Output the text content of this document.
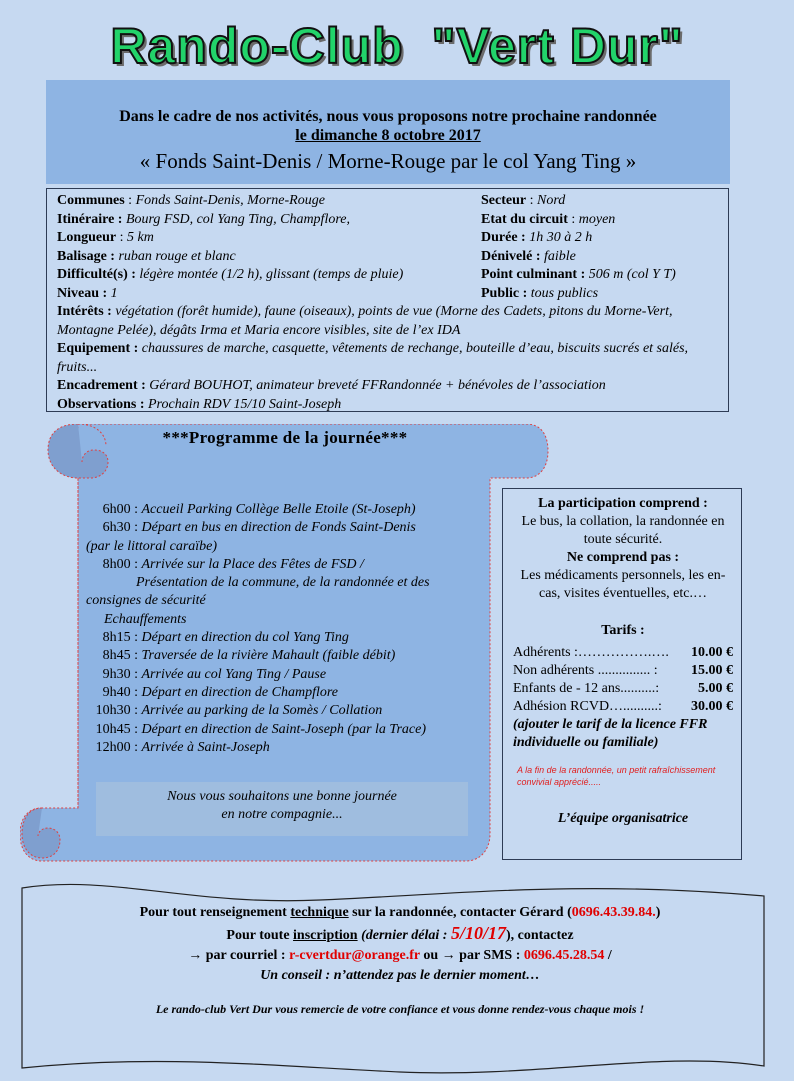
Rando-Club "Vert Dur"
Dans le cadre de nos activités, nous vous proposons notre prochaine randonnée
le dimanche 8 octobre 2017
« Fonds Saint-Denis / Morne-Rouge par le col Yang Ting »
Communes : Fonds Saint-Denis, Morne-Rouge	Secteur : Nord
Itinéraire : Bourg FSD, col Yang Ting, Champflore,	Etat du circuit : moyen
Longueur : 5 km	Durée : 1h 30 à 2 h
Balisage : ruban rouge et blanc	Dénivelé : faible
Difficulté(s) : légère montée (1/2 h), glissant (temps de pluie)	Point culminant : 506 m (col Y T)
Niveau : 1	Public : tous publics
Intérêts : végétation (forêt humide), faune (oiseaux), points de vue (Morne des Cadets, pitons du Morne-Vert, Montagne Pelée), dégâts Irma et Maria encore visibles, site de l’ex IDA
Equipement : chaussures de marche, casquette, vêtements de rechange, bouteille d’eau, biscuits sucrés et salés, fruits...
Encadrement : Gérard BOUHOT, animateur breveté FFRandonnée + bénévoles de l’association
Observations : Prochain RDV 15/10 Saint-Joseph
***Programme de la journée***
6h00 : Accueil Parking Collège Belle Etoile (St-Joseph)
6h30 : Départ en bus en direction de Fonds Saint-Denis
(par le littoral caraïbe)
8h00 : Arrivée sur la Place des Fêtes de FSD /
Présentation de la commune, de la randonnée et des
consignes de sécurité
Echauffements
8h15 : Départ en direction du col Yang Ting
8h45 : Traversée de la rivière Mahault (faible débit)
9h30 : Arrivée au col Yang Ting / Pause
9h40 : Départ en direction de Champflore
10h30 : Arrivée au parking de la Somès / Collation
10h45 : Départ en direction de Saint-Joseph (par la Trace)
12h00 : Arrivée à Saint-Joseph
Nous vous souhaitons une bonne journée
en notre compagnie...
La participation comprend :
Le bus, la collation, la randonnée en toute sécurité.
Ne comprend pas :
Les médicaments personnels, les en-cas, visites éventuelles, etc.…
Tarifs :
Adhérents :…………….…. 10.00 €
Non adhérents ............... : 15.00 €
Enfants de - 12 ans..........:	5.00 €
Adhésion RCVD…..........: 30.00 €
(ajouter le tarif de la licence FFR individuelle ou familiale)
A la fin de la randonnée, un petit rafraîchissement convivial apprécié.....
L’équipe organisatrice
Pour tout renseignement technique sur la randonnée, contacter Gérard (0696.43.39.84.)
Pour toute inscription (dernier délai : 5/10/17), contactez
→ par courriel : r-cvertdur@orange.fr ou → par SMS : 0696.45.28.54 /
Un conseil : n’attendez pas le dernier moment…
Le rando-club Vert Dur vous remercie de votre confiance et vous donne rendez-vous chaque mois !
